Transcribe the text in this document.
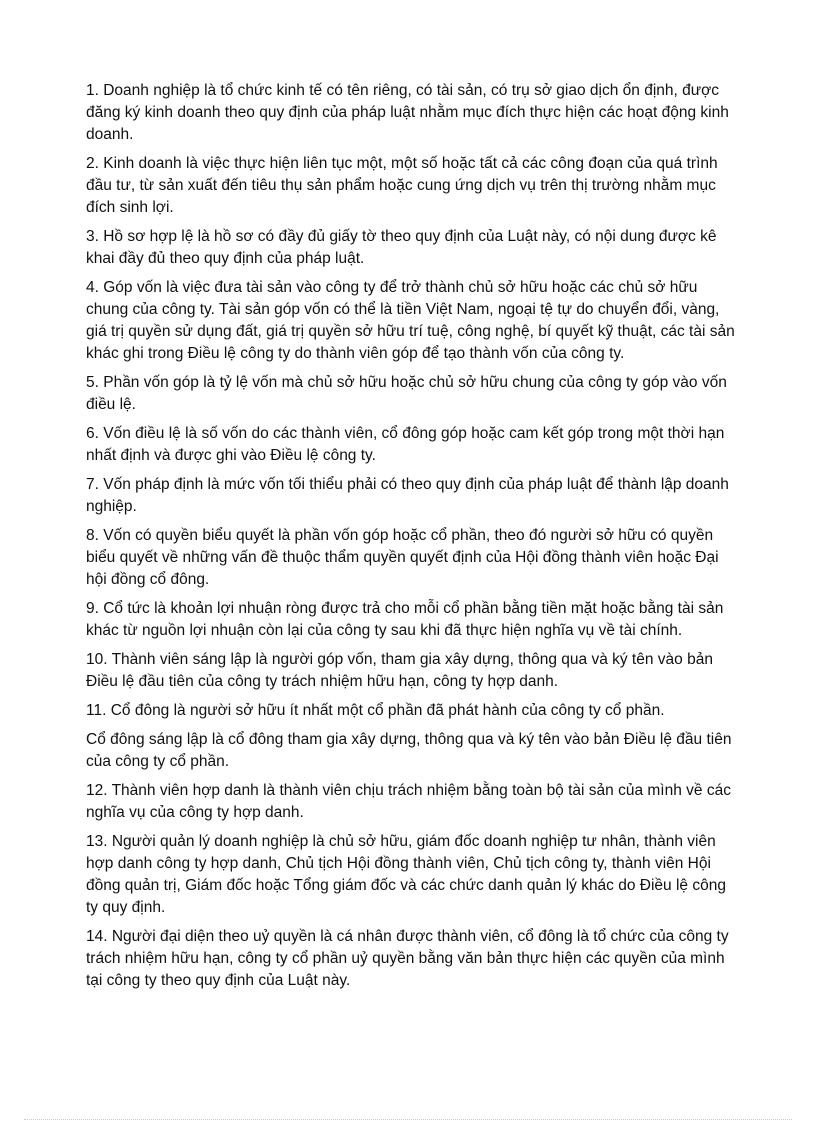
1. Doanh nghiệp là tổ chức kinh tế có tên riêng, có tài sản, có trụ sở giao dịch ổn định, được đăng ký kinh doanh theo quy định của pháp luật nhằm mục đích thực hiện các hoạt động kinh doanh.

2. Kinh doanh là việc thực hiện liên tục một, một số hoặc tất cả các công đoạn của quá trình đầu tư, từ sản xuất đến tiêu thụ sản phẩm hoặc cung ứng dịch vụ trên thị trường nhằm mục đích sinh lợi.

3. Hồ sơ hợp lệ là hồ sơ có đầy đủ giấy tờ theo quy định của Luật này, có nội dung được kê khai đầy đủ theo quy định của pháp luật.

4. Góp vốn là việc đưa tài sản vào công ty để trở thành chủ sở hữu hoặc các chủ sở hữu chung của công ty. Tài sản góp vốn có thể là tiền Việt Nam, ngoại tệ tự do chuyển đổi, vàng, giá trị quyền sử dụng đất, giá trị quyền sở hữu trí tuệ, công nghệ, bí quyết kỹ thuật, các tài sản khác ghi trong Điều lệ công ty do thành viên góp để tạo thành vốn của công ty.

5. Phần vốn góp là tỷ lệ vốn mà chủ sở hữu hoặc chủ sở hữu chung của công ty góp vào vốn điều lệ.

6. Vốn điều lệ là số vốn do các thành viên, cổ đông góp hoặc cam kết góp trong một thời hạn nhất định và được ghi vào Điều lệ công ty.

7. Vốn pháp định là mức vốn tối thiểu phải có theo quy định của pháp luật để thành lập doanh nghiệp.

8. Vốn có quyền biểu quyết là phần vốn góp hoặc cổ phần, theo đó người sở hữu có quyền biểu quyết về những vấn đề thuộc thẩm quyền quyết định của Hội đồng thành viên hoặc Đại hội đồng cổ đông.

9. Cổ tức là khoản lợi nhuận ròng được trả cho mỗi cổ phần bằng tiền mặt hoặc bằng tài sản khác từ nguồn lợi nhuận còn lại của công ty sau khi đã thực hiện nghĩa vụ về tài chính.

10. Thành viên sáng lập là người góp vốn, tham gia xây dựng, thông qua và ký tên vào bản Điều lệ đầu tiên của công ty trách nhiệm hữu hạn, công ty hợp danh.

11. Cổ đông là người sở hữu ít nhất một cổ phần đã phát hành của công ty cổ phần.

Cổ đông sáng lập là cổ đông tham gia xây dựng, thông qua và ký tên vào bản Điều lệ đầu tiên của công ty cổ phần.

12. Thành viên hợp danh là thành viên chịu trách nhiệm bằng toàn bộ tài sản của mình về các nghĩa vụ của công ty hợp danh.

13. Người quản lý doanh nghiệp là chủ sở hữu, giám đốc doanh nghiệp tư nhân, thành viên hợp danh công ty hợp danh, Chủ tịch Hội đồng thành viên, Chủ tịch công ty, thành viên Hội đồng quản trị, Giám đốc hoặc Tổng giám đốc và các chức danh quản lý khác do Điều lệ công ty quy định.

14. Người đại diện theo uỷ quyền là cá nhân được thành viên, cổ đông là tổ chức của công ty trách nhiệm hữu hạn, công ty cổ phần uỷ quyền bằng văn bản thực hiện các quyền của mình tại công ty theo quy định của Luật này.
